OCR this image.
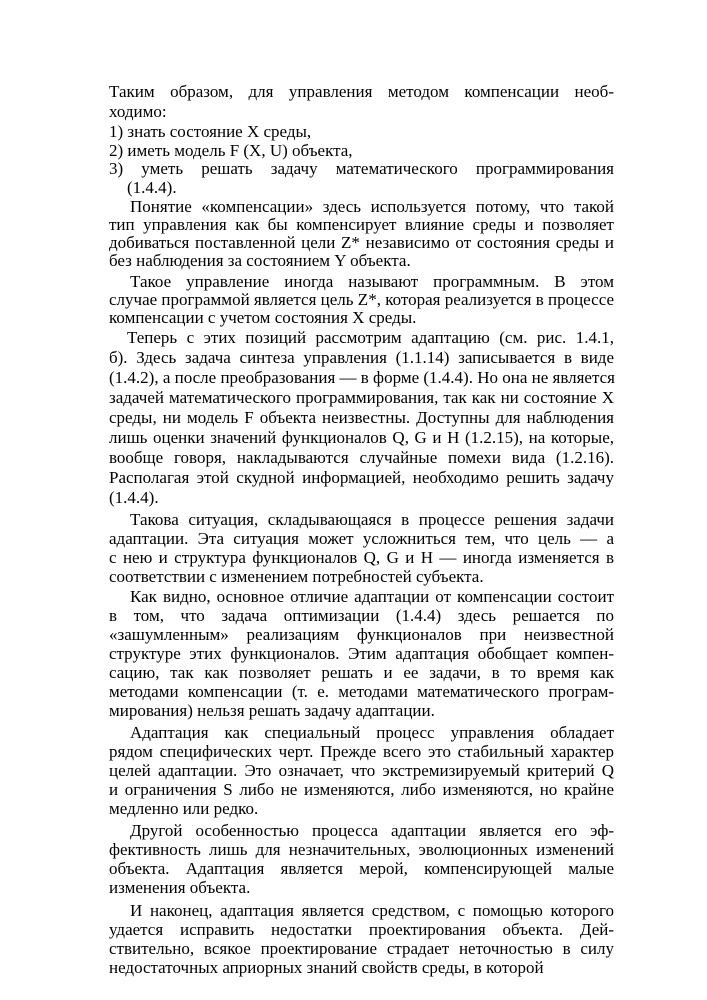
Таким образом, для управления методом компенсации необ-
ходимо:
1) знать состояние X среды,
2) иметь модель F (X, U) объекта,
3) уметь решать задачу математического программирования
(1.4.4).
Понятие «компенсации» здесь используется потому, что такой
тип управления как бы компенсирует влияние среды и позволяет
добиваться поставленной цели Z* независимо от состояния среды и
без наблюдения за состоянием Y объекта.
Такое управление иногда называют программным. В этом
случае программой является цель Z*, которая реализуется в процессе
компенсации с учетом состояния X среды.
Теперь с этих позиций рассмотрим адаптацию (см. рис. 1.4.1,
б). Здесь задача синтеза управления (1.1.14) записывается в виде
(1.4.2), а после преобразования — в форме (1.4.4). Но она не является
задачей математического программирования, так как ни состояние X
среды, ни модель F объекта неизвестны. Доступны для наблюдения
лишь оценки значений функционалов Q, G и H (1.2.15), на которые,
вообще говоря, накладываются случайные помехи вида (1.2.16).
Располагая этой скудной информацией, необходимо решить задачу
(1.4.4).
Такова ситуация, складывающаяся в процессе решения задачи
адаптации. Эта ситуация может усложниться тем, что цель — а
с нею и структура функционалов Q, G и H — иногда изменяется в
соответствии с изменением потребностей субъекта.
Как видно, основное отличие адаптации от компенсации состоит
в том, что задача оптимизации (1.4.4) здесь решается по
«зашумленным» реализациям функционалов при неизвестной
структуре этих функционалов. Этим адаптация обобщает компен-
сацию, так как позволяет решать и ее задачи, в то время как
методами компенсации (т. е. методами математического програм-
мирования) нельзя решать задачу адаптации.
Адаптация как специальный процесс управления обладает
рядом специфических черт. Прежде всего это стабильный характер
целей адаптации. Это означает, что экстремизируемый критерий Q
и ограничения S либо не изменяются, либо изменяются, но крайне
медленно или редко.
Другой особенностью процесса адаптации является его эф-
фективность лишь для незначительных, эволюционных изменений
объекта. Адаптация является мерой, компенсирующей малые
изменения объекта.
И наконец, адаптация является средством, с помощью которого
удается исправить недостатки проектирования объекта. Дей-
ствительно, всякое проектирование страдает неточностью в силу
недостаточных априорных знаний свойств среды, в которой
